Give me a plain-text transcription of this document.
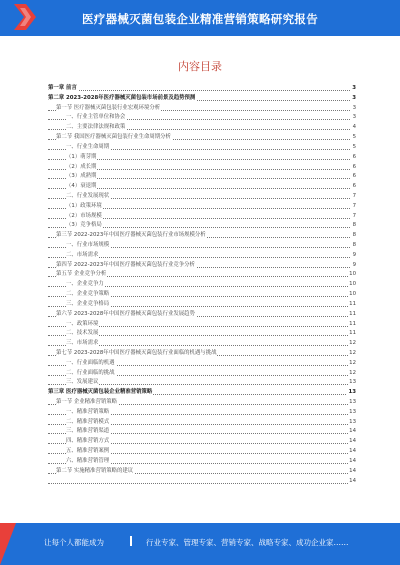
医疗器械灭菌包装企业精准营销策略研究报告
内容目录
第一章 前言	3
第二章 2023-2028年医疗器械灭菌包装市场前景及趋势预测	3
第一节 医疗器械灭菌包装行业宏观环境分析	3
一、行业主管单位和协会	3
二、主要法律法规和政策	4
第二节 我国医疗器械灭菌包装行业生命周期分析	5
一、行业生命周期	5
（1）萌芽期	6
（2）成长期	6
（3）成熟期	6
（4）衰退期	6
二、行业发展现状	7
（1）政策环境	7
（2）市场规模	7
（3）竞争格局	8
第三节 2022-2023年中国医疗器械灭菌包装行业市场规模分析	8
一、行业市场规模	8
二、市场需求	9
第四节 2022-2023年中国医疗器械灭菌包装行业竞争分析	9
第五节 企业竞争分析	10
一、企业竞争力	10
二、企业竞争策略	10
三、企业竞争格局	11
第六节 2023-2028年中国医疗器械灭菌包装行业发展趋势	11
一、政策环境	11
二、技术发展	11
三、市场需求	12
第七节 2023-2028年中国医疗器械灭菌包装行业面临的机遇与挑战	12
一、行业面临的机遇	12
二、行业面临的挑战	12
三、发展建议	13
第三章 医疗器械灭菌包装企业精准营销策略	13
第一节 企业精准营销策略	13
一、精准营销策略	13
二、精准营销模式	13
三、精准营销渠道	14
四、精准营销方式	14
五、精准营销案例	14
六、精准营销管理	14
第二节 实施精准营销策略的建议	14
14
让每个人都能成为	行业专家、管理专家、营销专家、战略专家、成功企业家……
